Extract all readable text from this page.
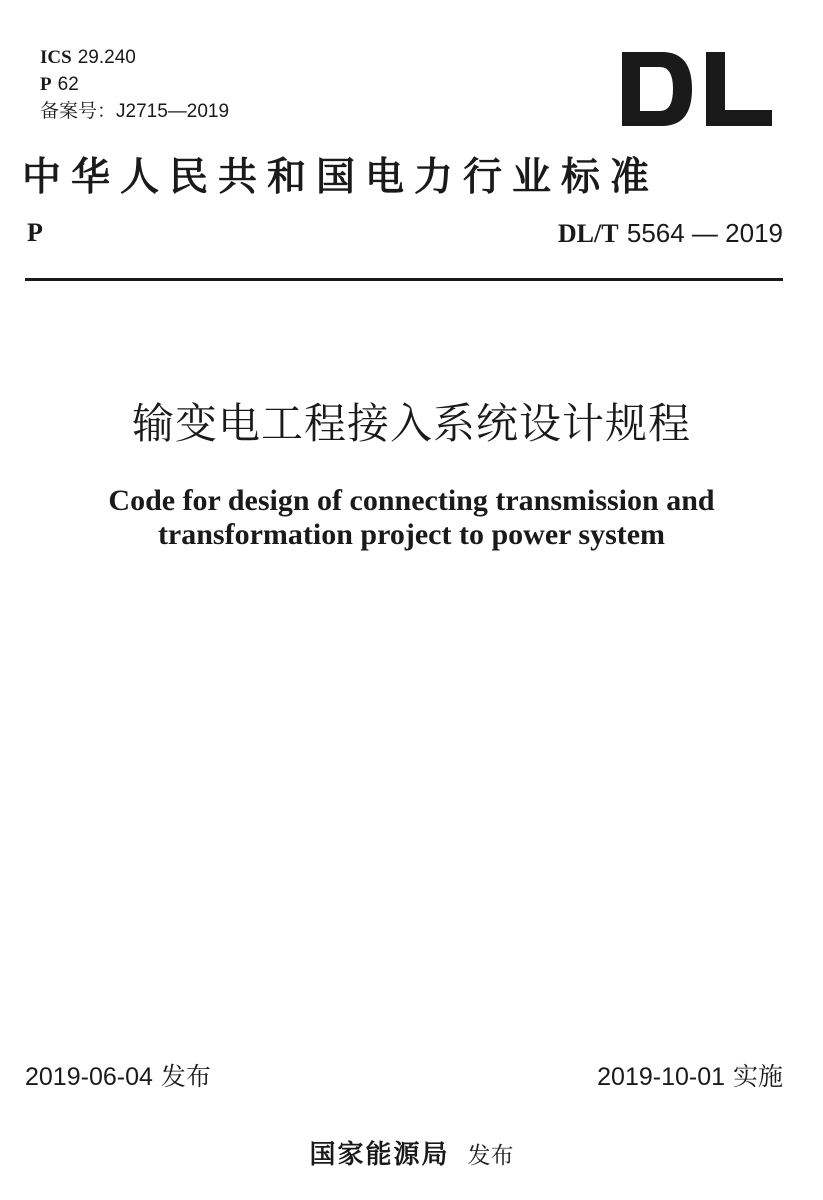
ICS 29.240
P 62
备案号：J2715—2019
中华人民共和国电力行业标准
P	DL/T 5564 — 2019
输变电工程接入系统设计规程
Code for design of connecting transmission and
transformation project to power system
2019-06-04 发布	2019-10-01 实施
国家能源局 发布
